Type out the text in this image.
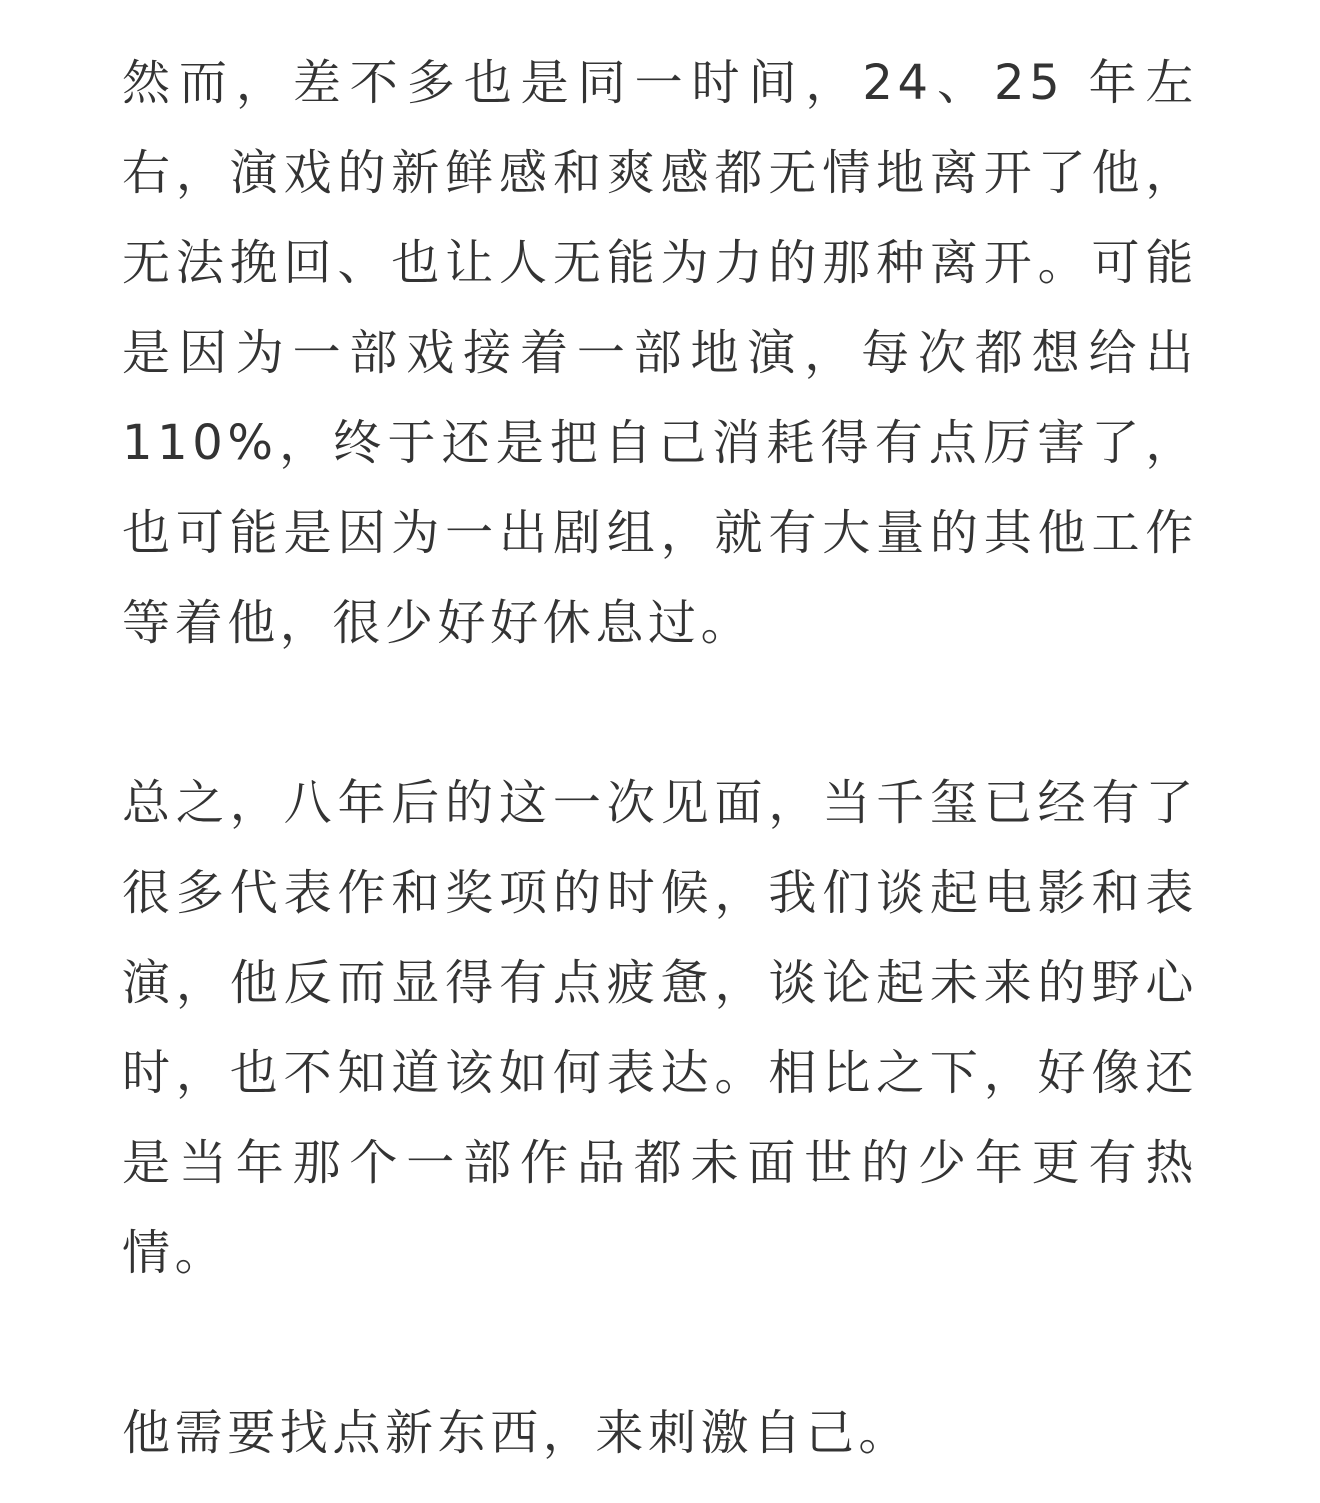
然而，差不多也是同一时间，24、25 年左右，演戏的新鲜感和爽感都无情地离开了他，无法挽回、也让人无能为力的那种离开。可能是因为一部戏接着一部地演，每次都想给出 110%，终于还是把自己消耗得有点厉害了，也可能是因为一出剧组，就有大量的其他工作等着他，很少好好休息过。

总之，八年后的这一次见面，当千玺已经有了很多代表作和奖项的时候，我们谈起电影和表演，他反而显得有点疲惫，谈论起未来的野心时，也不知道该如何表达。相比之下，好像还是当年那个一部作品都未面世的少年更有热情。

他需要找点新东西，来刺激自己。
